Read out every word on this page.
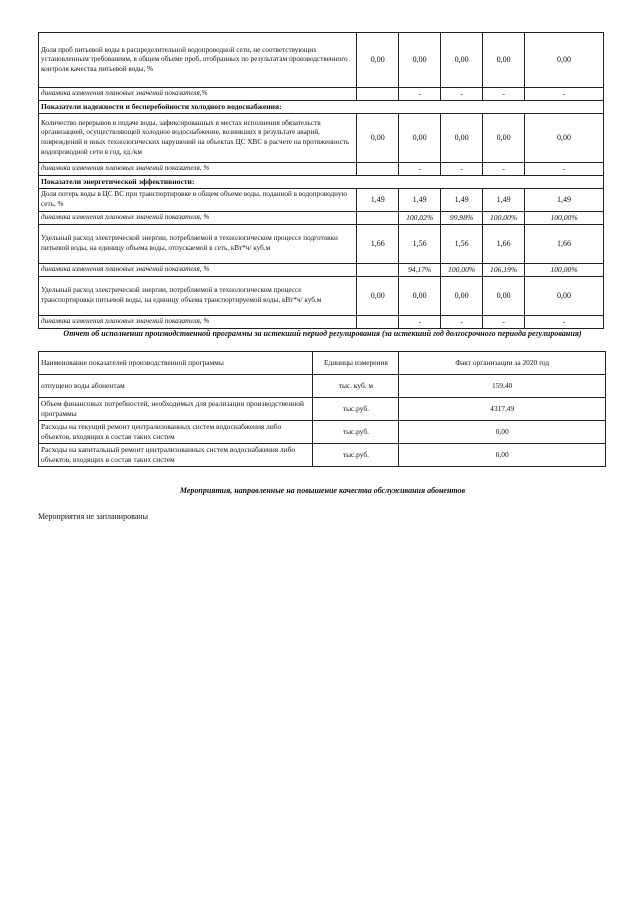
Доля проб питьевой воды в распределительной водопроводной сети, не соответствующих установленным требованиям, в общем объеме проб, отобранных по результатам производственного контроля качества питьевой воды, %	0,00	0,00	0,00	0,00	0,00
динамика изменения плановых значений показателя,%		-	-	-	-
Показатели надежности и бесперебойности холодного водоснабжения:					
Количество перерывов в подаче воды, зафиксированных в местах исполнения обязательств организацией, осуществляющей холодное водоснабжение, возникших в результате аварий, повреждений и иных технологических нарушений на объектах ЦС ХВС в расчете на протяженность водопроводной сети в год, ед./км	0,00	0,00	0,00	0,00	0,00
динамика изменения плановых значений показателя, %		-	-	-	-
Показатели энергетической эффективности:					
Доля потерь воды в ЦС ВС при транспортировке в общем объеме воды, поданной в водопроводную сеть, %	1,49	1,49	1,49	1,49	1,49
динамика изменения плановых значений показателя, %		100,02%	99,98%	100,00%	100,00%
Удельный расход электрической энергии, потребляемой в технологическом процессе подготовки питьевой воды, на единицу объема воды, отпускаемой в сеть, кВт*ч/ куб.м	1,66	1,56	1,56	1,66	1,66
динамика изменения плановых значений показателя, %		94,17%	100,00%	106,19%	100,00%
Удельный расход электрической энергии, потребляемой в технологическом процессе транспортировки питьевой воды, на единицу объема транспортируемой воды, кВт*ч/ куб.м	0,00	0,00	0,00	0,00	0,00
динамика изменения плановых значений показателя, %		-	-	-	-
Отчет об исполнении производственной программы за истекший период регулирования (за истекший год долгосрочного периода регулирования)
Наименование показателей производственной программы	Единицы измерения	Факт организации за 2020 год
отпущено воды абонентам	тыс. куб. м	159,40
Объем финансовых потребностей, необходимых для реализации производственной программы	тыс.руб.	4317,49
Расходы на текущий ремонт централизованных систем водоснабжения либо объектов, входящих в состав таких систем	тыс.руб.	0,00
Расходы на капитальный ремонт централизованных систем водоснабжения либо объектов, входящих в состав таких систем	тыс.руб.	0,00
Мероприятия, направленные на повышение качества обслуживания абонентов
Мероприятия не запланированы
